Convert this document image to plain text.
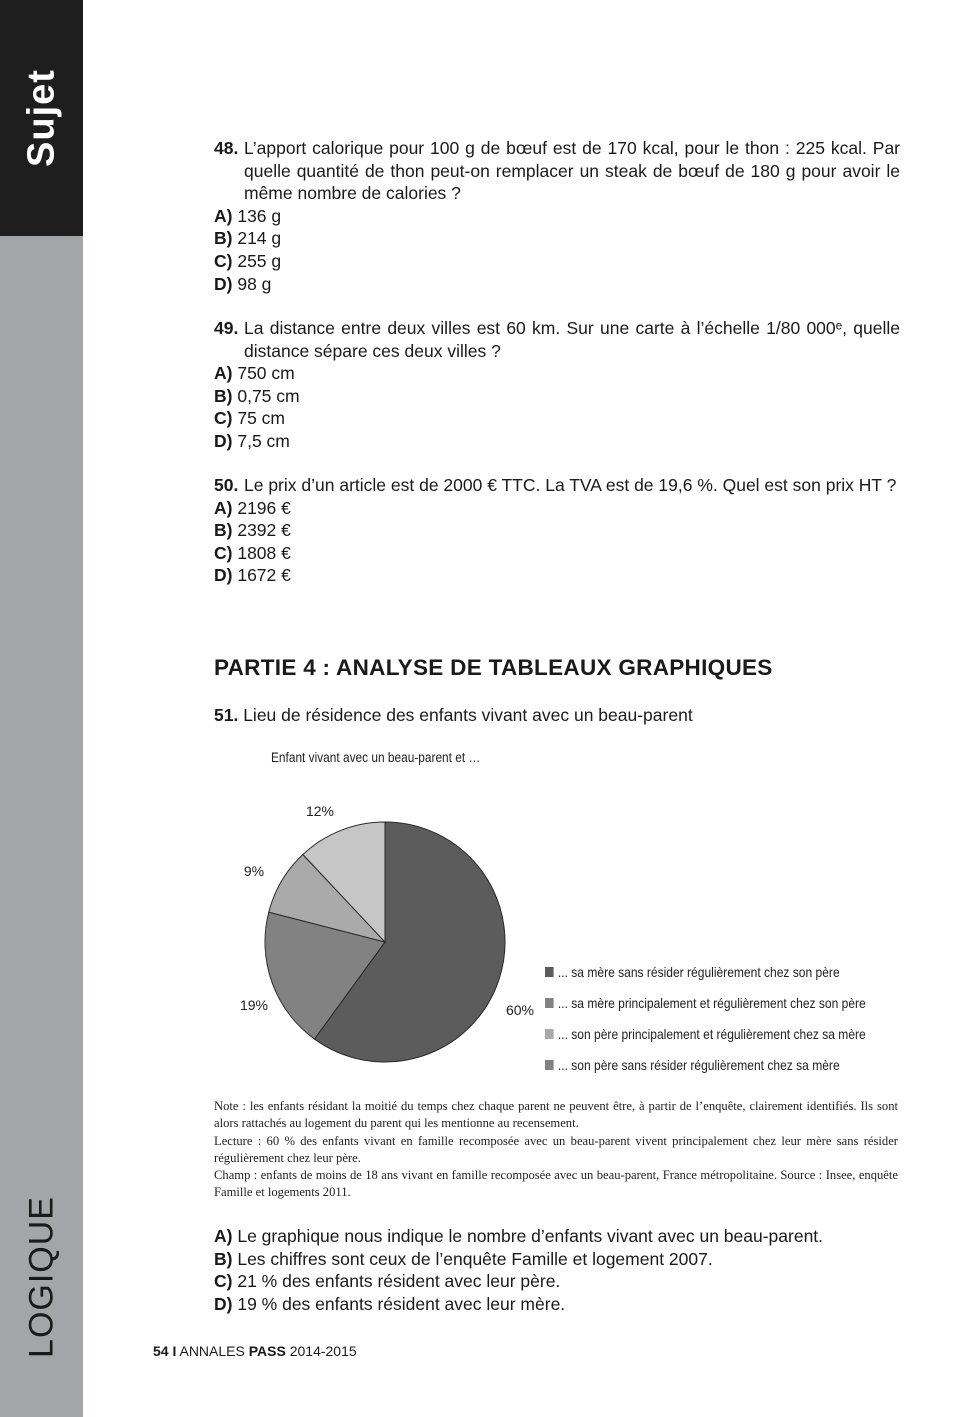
Sujet
LOGIQUE
48. L’apport calorique pour 100 g de bœuf est de 170 kcal, pour le thon : 225 kcal. Par quelle quantité de thon peut-on remplacer un steak de bœuf de 180 g pour avoir le même nombre de calories ?
A) 136 g
B) 214 g
C) 255 g
D) 98 g
49. La distance entre deux villes est 60 km. Sur une carte à l’échelle 1/80 000ᵉ, quelle distance sépare ces deux villes ?
A) 750 cm
B) 0,75 cm
C) 75 cm
D) 7,5 cm
50. Le prix d’un article est de 2000 € TTC. La TVA est de 19,6 %. Quel est son prix HT ?
A) 2196 €
B) 2392 €
C) 1808 €
D) 1672 €
PARTIE 4 : ANALYSE DE TABLEAUX GRAPHIQUES
51. Lieu de résidence des enfants vivant avec un beau-parent
Enfant vivant avec un beau-parent et …
60%
19%
9%
12%
... sa mère sans résider régulièrement chez son père
... sa mère principalement et régulièrement chez son père
... son père principalement et régulièrement chez sa mère
... son père sans résider régulièrement chez sa mère

Note : les enfants résidant la moitié du temps chez chaque parent ne peuvent être, à partir de l’enquête, clairement identifiés. Ils sont alors rattachés au logement du parent qui les mentionne au recensement.

Lecture : 60 % des enfants vivant en famille recomposée avec un beau-parent vivent principalement chez leur mère sans résider régulièrement chez leur père.

Champ : enfants de moins de 18 ans vivant en famille recomposée avec un beau-parent, France métropolitaine. Source : Insee, enquête Famille et logements 2011.

A) Le graphique nous indique le nombre d’enfants vivant avec un beau-parent.
B) Les chiffres sont ceux de l’enquête Famille et logement 2007.
C) 21 % des enfants résident avec leur père.
D) 19 % des enfants résident avec leur mère.
54 I ANNALES PASS 2014-2015
